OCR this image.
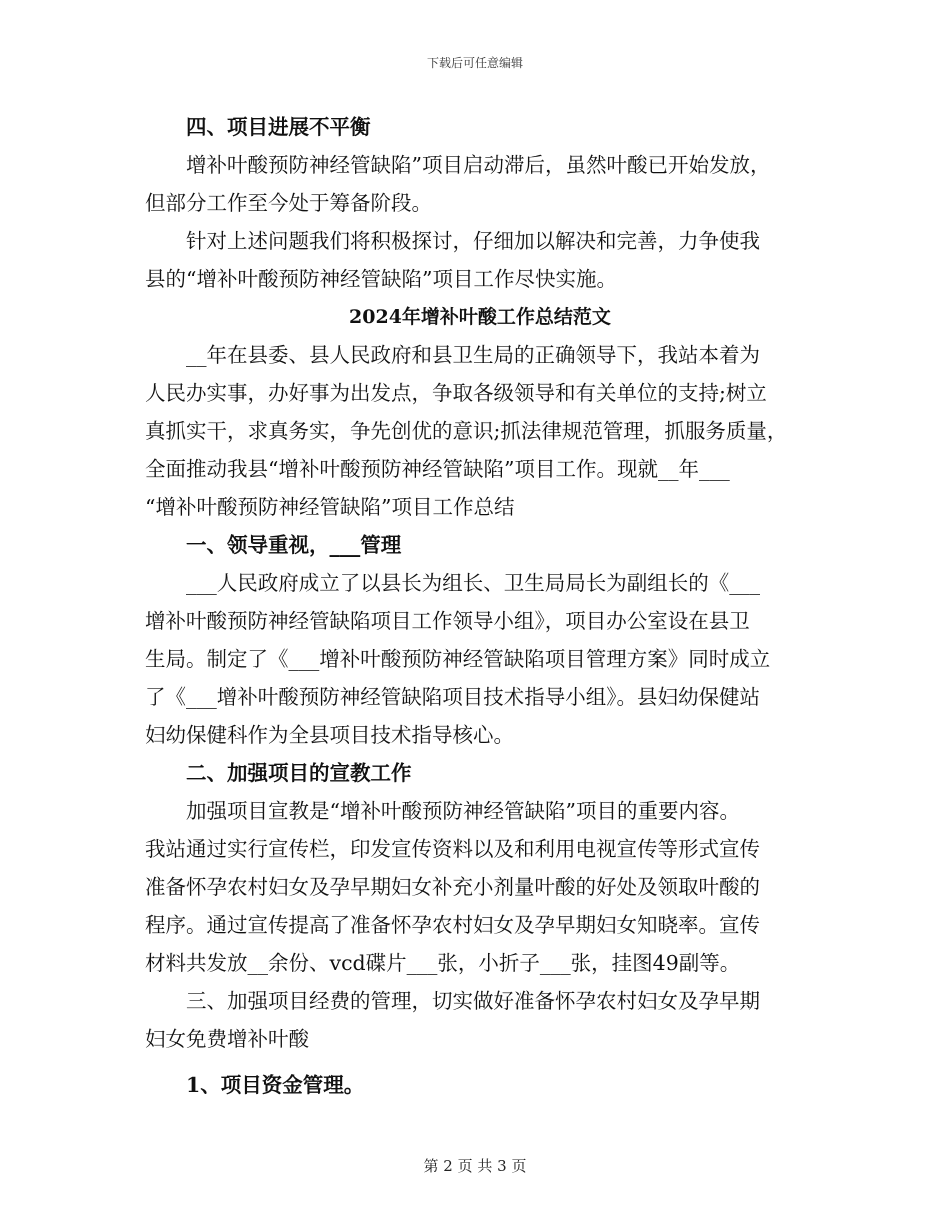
下载后可任意编辑
四、项目进展不平衡
增补叶酸预防神经管缺陷”项目启动滞后，虽然叶酸已开始发放，
但部分工作至今处于筹备阶段。
针对上述问题我们将积极探讨，仔细加以解决和完善，力争使我
县的“增补叶酸预防神经管缺陷”项目工作尽快实施。
2024年增补叶酸工作总结范文
__年在县委、县人民政府和县卫生局的正确领导下，我站本着为
人民办实事，办好事为出发点，争取各级领导和有关单位的支持;树立
真抓实干，求真务实，争先创优的意识;抓法律规范管理，抓服务质量，
全面推动我县“增补叶酸预防神经管缺陷”项目工作。现就__年___
“增补叶酸预防神经管缺陷”项目工作总结
一、领导重视，___管理
___人民政府成立了以县长为组长、卫生局局长为副组长的《___
增补叶酸预防神经管缺陷项目工作领导小组》，项目办公室设在县卫
生局。制定了《___增补叶酸预防神经管缺陷项目管理方案》同时成立
了《___增补叶酸预防神经管缺陷项目技术指导小组》。县妇幼保健站
妇幼保健科作为全县项目技术指导核心。
二、加强项目的宣教工作
加强项目宣教是“增补叶酸预防神经管缺陷”项目的重要内容。
我站通过实行宣传栏，印发宣传资料以及和利用电视宣传等形式宣传
准备怀孕农村妇女及孕早期妇女补充小剂量叶酸的好处及领取叶酸的
程序。通过宣传提高了准备怀孕农村妇女及孕早期妇女知晓率。宣传
材料共发放__余份、vcd碟片___张，小折子___张，挂图49副等。
三、加强项目经费的管理，切实做好准备怀孕农村妇女及孕早期
妇女免费增补叶酸
1、项目资金管理。
第 2 页 共 3 页
